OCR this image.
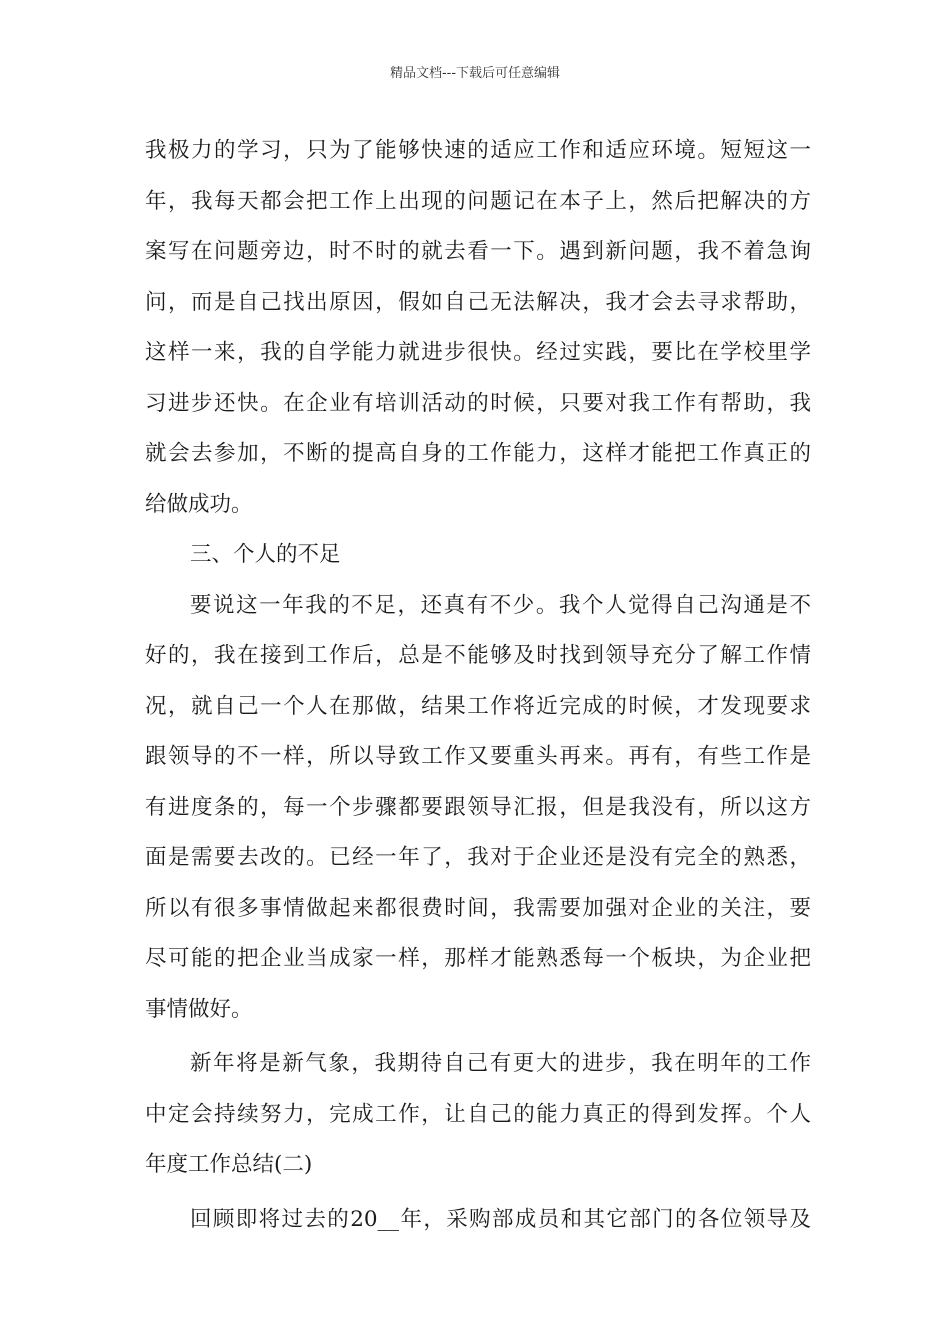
精品文档---下载后可任意编辑
我极力的学习，只为了能够快速的适应工作和适应环境。短短这一
年，我每天都会把工作上出现的问题记在本子上，然后把解决的方
案写在问题旁边，时不时的就去看一下。遇到新问题，我不着急询
问，而是自己找出原因，假如自己无法解决，我才会去寻求帮助，
这样一来，我的自学能力就进步很快。经过实践，要比在学校里学
习进步还快。在企业有培训活动的时候，只要对我工作有帮助，我
就会去参加，不断的提高自身的工作能力，这样才能把工作真正的
给做成功。
三、个人的不足
要说这一年我的不足，还真有不少。我个人觉得自己沟通是不
好的，我在接到工作后，总是不能够及时找到领导充分了解工作情
况，就自己一个人在那做，结果工作将近完成的时候，才发现要求
跟领导的不一样，所以导致工作又要重头再来。再有，有些工作是
有进度条的，每一个步骤都要跟领导汇报，但是我没有，所以这方
面是需要去改的。已经一年了，我对于企业还是没有完全的熟悉，
所以有很多事情做起来都很费时间，我需要加强对企业的关注，要
尽可能的把企业当成家一样，那样才能熟悉每一个板块，为企业把
事情做好。
新年将是新气象，我期待自己有更大的进步，我在明年的工作
中定会持续努力，完成工作，让自己的能力真正的得到发挥。个人
年度工作总结(二)
回顾即将过去的20__年，采购部成员和其它部门的各位领导及
